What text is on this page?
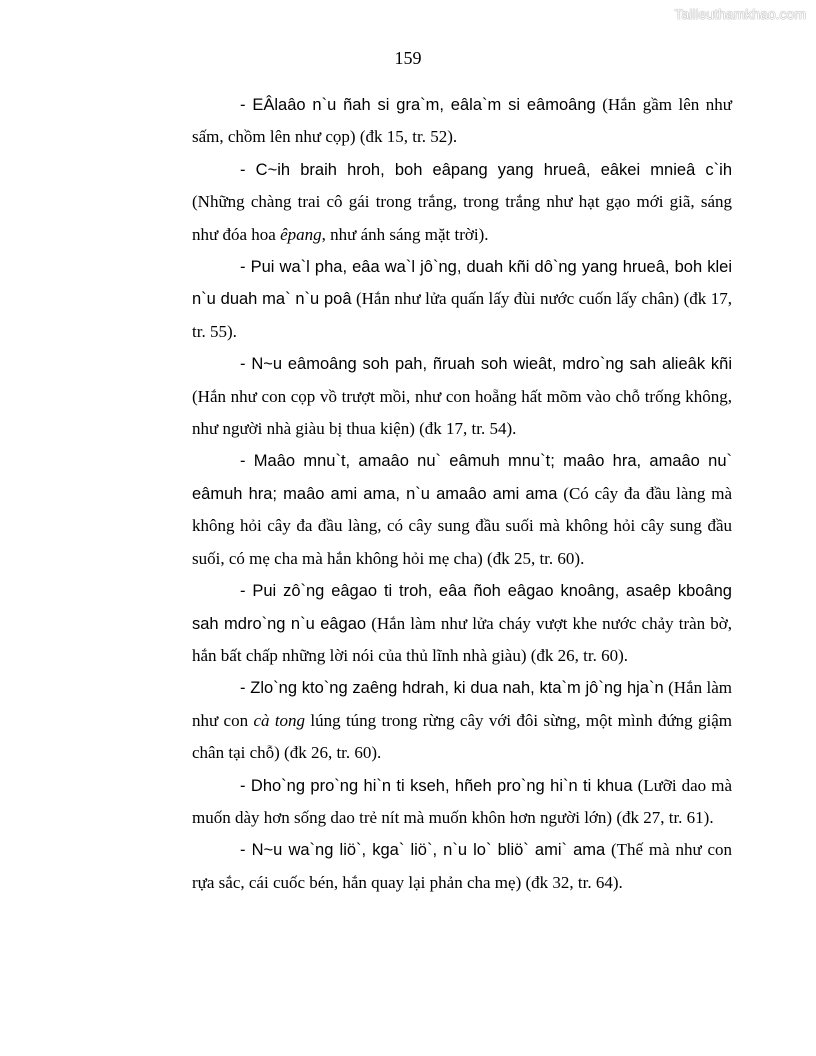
Tailieuthamkhao.com
159

- EÂlaâo n`u ñah si gra`m, eâla`m si eâmoâng (Hắn gầm lên như sấm, chồm lên như cọp) (đk 15, tr. 52).

- C~ih braih hroh, boh eâpang yang hrueâ, eâkei mnieâ c`ih (Những chàng trai cô gái trong trắng, trong trắng như hạt gạo mới giã, sáng như đóa hoa êpang, như ánh sáng mặt trời).

- Pui wa`l pha, eâa wa`l jô`ng, duah kñi dô`ng yang hrueâ, boh klei n`u duah ma` n`u poâ (Hắn như lửa quấn lấy đùi nước cuốn lấy chân) (đk 17, tr. 55).

- N~u eâmoâng soh pah, ñruah soh wieât, mdro`ng sah alieâk kñi (Hắn như con cọp vồ trượt mồi, như con hoẵng hất mõm vào chỗ trống không, như người nhà giàu bị thua kiện) (đk 17, tr. 54).

- Maâo mnu`t, amaâo nu` eâmuh mnu`t; maâo hra, amaâo nu` eâmuh hra; maâo ami ama, n`u amaâo ami ama (Có cây đa đầu làng mà không hỏi cây đa đầu làng, có cây sung đầu suối mà không hỏi cây sung đầu suối, có mẹ cha mà hắn không hỏi mẹ cha) (đk 25, tr. 60).

- Pui zô`ng eâgao ti troh, eâa ñoh eâgao knoâng, asaêp kboâng sah mdro`ng n`u eâgao (Hắn làm như lửa cháy vượt khe nước chảy tràn bờ, hắn bất chấp những lời nói của thủ lĩnh nhà giàu) (đk 26, tr. 60).

- Zlo`ng kto`ng zaêng hdrah, ki dua nah, kta`m jô`ng hja`n (Hắn làm như con cà tong lúng túng trong rừng cây với đôi sừng, một mình đứng giậm chân tại chỗ) (đk 26, tr. 60).

- Dho`ng pro`ng hi`n ti kseh, hñeh pro`ng hi`n ti khua (Lưỡi dao mà muốn dày hơn sống dao trẻ nít mà muốn khôn hơn người lớn) (đk 27, tr. 61).

- N~u wa`ng liö`, kga` liö`, n`u lo` bliö` ami` ama (Thế mà như con rựa sắc, cái cuốc bén, hắn quay lại phản cha mẹ) (đk 32, tr. 64).
